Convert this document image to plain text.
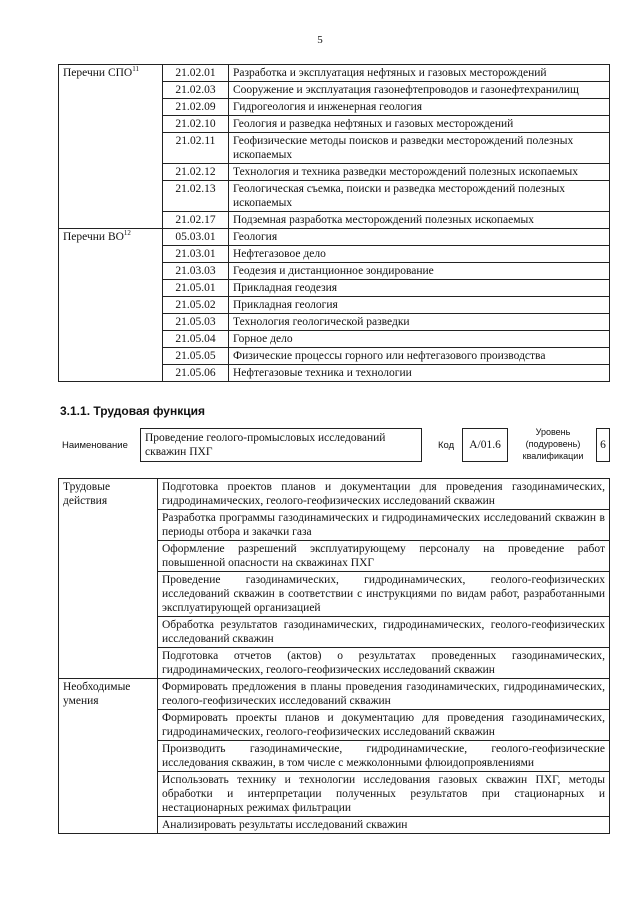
5
Перечни СПО$^{11}$	21.02.01	Разработка и эксплуатация нефтяных и газовых месторождений
	21.02.03	Сооружение и эксплуатация газонефтепроводов и газонефтехранилищ
	21.02.09	Гидрогеология и инженерная геология
	21.02.10	Геология и разведка нефтяных и газовых месторождений
	21.02.11	Геофизические методы поисков и разведки месторождений полезных ископаемых
	21.02.12	Технология и техника разведки месторождений полезных ископаемых
	21.02.13	Геологическая съемка, поиски и разведка месторождений полезных ископаемых
	21.02.17	Подземная разработка месторождений полезных ископаемых
Перечни ВО$^{12}$	05.03.01	Геология
	21.03.01	Нефтегазовое дело
	21.03.03	Геодезия и дистанционное зондирование
	21.05.01	Прикладная геодезия
	21.05.02	Прикладная геология
	21.05.03	Технология геологической разведки
	21.05.04	Горное дело
	21.05.05	Физические процессы горного или нефтегазового производства
	21.05.06	Нефтегазовые техника и технологии
3.1.1. Трудовая функция
Наименование
Проведение геолого-промысловых исследований скважин ПХГ
Код	А/01.6
Уровень (подуровень) квалификации
6
Трудовые действия	Подготовка проектов планов и документации для проведения газодинамических, гидродинамических, геолого-геофизических исследований скважин
	Разработка программы газодинамических и гидродинамических исследований скважин в периоды отбора и закачки газа
	Оформление разрешений эксплуатирующему персоналу на проведение работ повышенной опасности на скважинах ПХГ
	Проведение газодинамических, гидродинамических, геолого-геофизических исследований скважин в соответствии с инструкциями по видам работ, разработанными эксплуатирующей организацией
	Обработка результатов газодинамических, гидродинамических, геолого-геофизических исследований скважин
	Подготовка отчетов (актов) о результатах проведенных газодинамических, гидродинамических, геолого-геофизических исследований скважин
Необходимые умения	Формировать предложения в планы проведения газодинамических, гидродинамических, геолого-геофизических исследований скважин
	Формировать проекты планов и документацию для проведения газодинамических, гидродинамических, геолого-геофизических исследований скважин
	Производить газодинамические, гидродинамические, геолого-геофизические исследования скважин, в том числе с межколонными флюидопроявлениями
	Использовать технику и технологии исследования газовых скважин ПХГ, методы обработки и интерпретации полученных результатов при стационарных и нестационарных режимах фильтрации
	Анализировать результаты исследований скважин
